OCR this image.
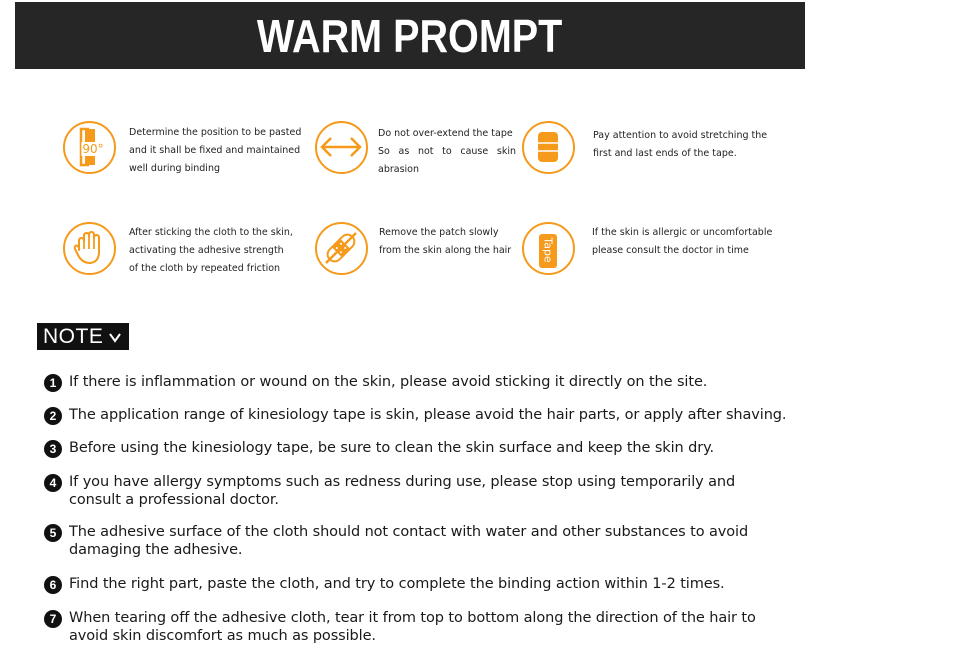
WARM PROMPT
90°
Determine the position to be pasted
and it shall be fixed and maintained
well during binding
Do not over-extend the tape
So as not to cause skin
abrasion
Pay attention to avoid stretching the
first and last ends of the tape.
After sticking the cloth to the skin,
activating the adhesive strength
of the cloth by repeated friction
Remove the patch slowly
from the skin along the hair	Tape
If the skin is allergic or uncomfortable
please consult the doctor in time
NOTE
1 If there is inflammation or wound on the skin, please avoid sticking it directly on the site.
2 The application range of kinesiology tape is skin, please avoid the hair parts, or apply after shaving.
3 Before using the kinesiology tape, be sure to clean the skin surface and keep the skin dry.
4 If you have allergy symptoms such as redness during use, please stop using temporarily and consult a professional doctor.
5 The adhesive surface of the cloth should not contact with water and other substances to avoid damaging the adhesive.
6 Find the right part, paste the cloth, and try to complete the binding action within 1-2 times.
7 When tearing off the adhesive cloth, tear it from top to bottom along the direction of the hair to avoid skin discomfort as much as possible.
